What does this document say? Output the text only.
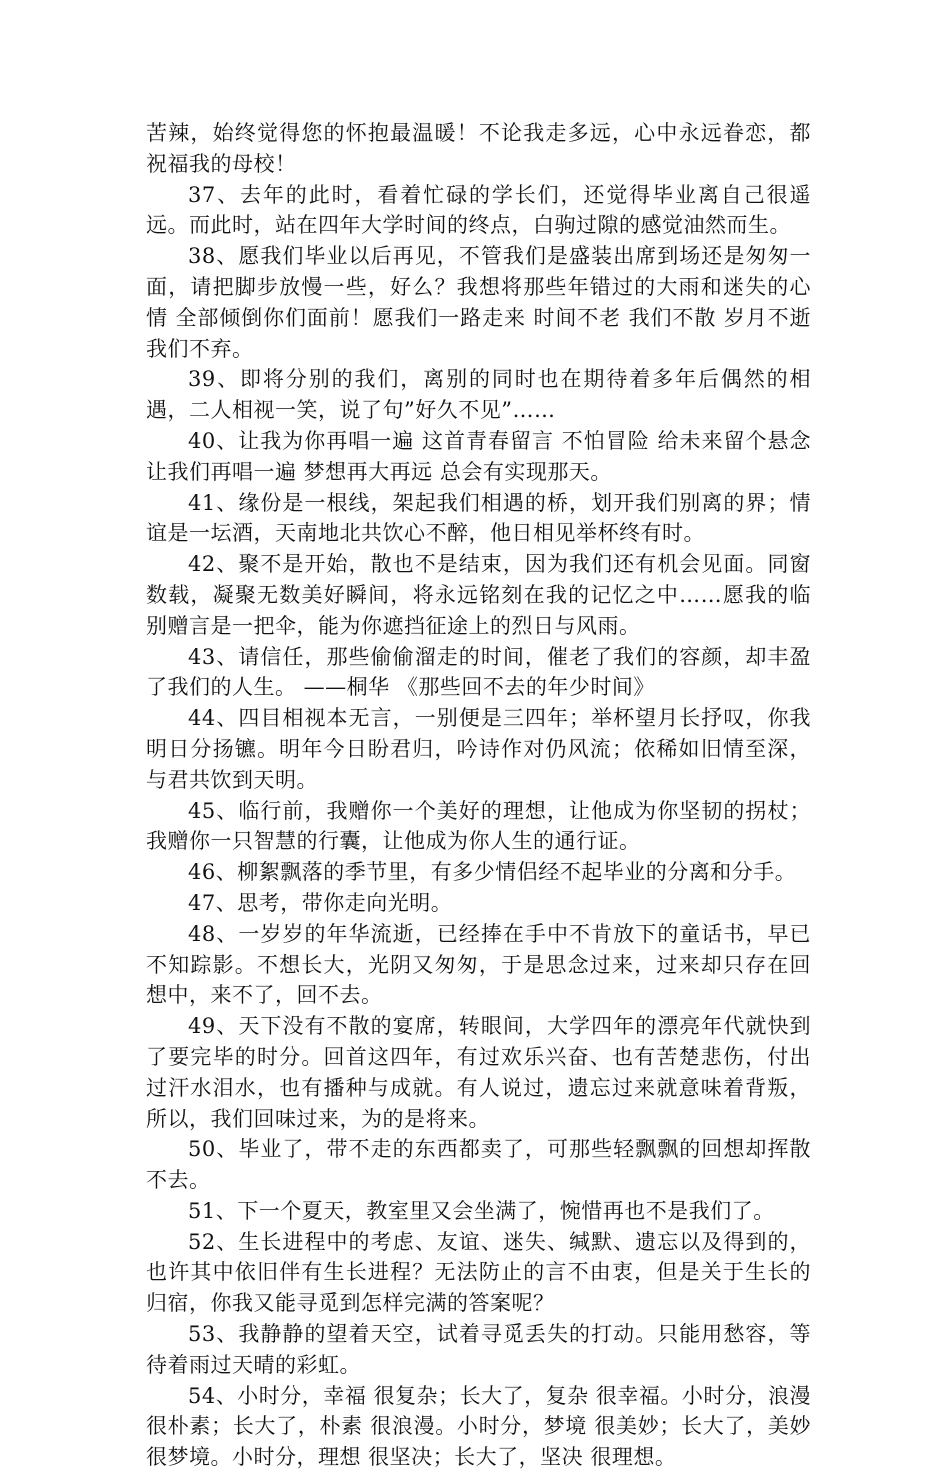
苦辣，始终觉得您的怀抱最温暖！不论我走多远，心中永远眷恋，都祝福我的母校！

37、去年的此时，看着忙碌的学长们，还觉得毕业离自己很遥远。而此时，站在四年大学时间的终点，白驹过隙的感觉油然而生。

38、愿我们毕业以后再见，不管我们是盛装出席到场还是匆匆一面，请把脚步放慢一些，好么？我想将那些年错过的大雨和迷失的心情 全部倾倒你们面前！愿我们一路走来 时间不老 我们不散 岁月不逝 我们不弃。

39、即将分别的我们，离别的同时也在期待着多年后偶然的相遇，二人相视一笑，说了句”好久不见”……

40、让我为你再唱一遍 这首青春留言 不怕冒险 给未来留个悬念 让我们再唱一遍 梦想再大再远 总会有实现那天。

41、缘份是一根线，架起我们相遇的桥，划开我们别离的界；情谊是一坛酒，天南地北共饮心不醉，他日相见举杯终有时。

42、聚不是开始，散也不是结束，因为我们还有机会见面。同窗数载，凝聚无数美好瞬间，将永远铭刻在我的记忆之中……愿我的临别赠言是一把伞，能为你遮挡征途上的烈日与风雨。

43、请信任，那些偷偷溜走的时间，催老了我们的容颜，却丰盈了我们的人生。 ——桐华 《那些回不去的年少时间》

44、四目相视本无言，一别便是三四年；举杯望月长抒叹，你我明日分扬镳。明年今日盼君归，吟诗作对仍风流；依稀如旧情至深，与君共饮到天明。

45、临行前，我赠你一个美好的理想，让他成为你坚韧的拐杖；我赠你一只智慧的行囊，让他成为你人生的通行证。

46、柳絮飘落的季节里，有多少情侣经不起毕业的分离和分手。

47、思考，带你走向光明。

48、一岁岁的年华流逝，已经捧在手中不肯放下的童话书，早已不知踪影。不想长大，光阴又匆匆，于是思念过来，过来却只存在回想中，来不了，回不去。

49、天下没有不散的宴席，转眼间，大学四年的漂亮年代就快到了要完毕的时分。回首这四年，有过欢乐兴奋、也有苦楚悲伤，付出过汗水泪水，也有播种与成就。有人说过，遗忘过来就意味着背叛，所以，我们回味过来，为的是将来。

50、毕业了，带不走的东西都卖了，可那些轻飘飘的回想却挥散不去。

51、下一个夏天，教室里又会坐满了，惋惜再也不是我们了。

52、生长进程中的考虑、友谊、迷失、缄默、遗忘以及得到的，也许其中依旧伴有生长进程？无法防止的言不由衷，但是关于生长的归宿，你我又能寻觅到怎样完满的答案呢？

53、我静静的望着天空，试着寻觅丢失的打动。只能用愁容，等待着雨过天晴的彩虹。

54、小时分，幸福 很复杂；长大了，复杂 很幸福。小时分，浪漫 很朴素；长大了，朴素 很浪漫。小时分，梦境 很美妙；长大了，美妙 很梦境。小时分，理想 很坚决；长大了，坚决 很理想。
